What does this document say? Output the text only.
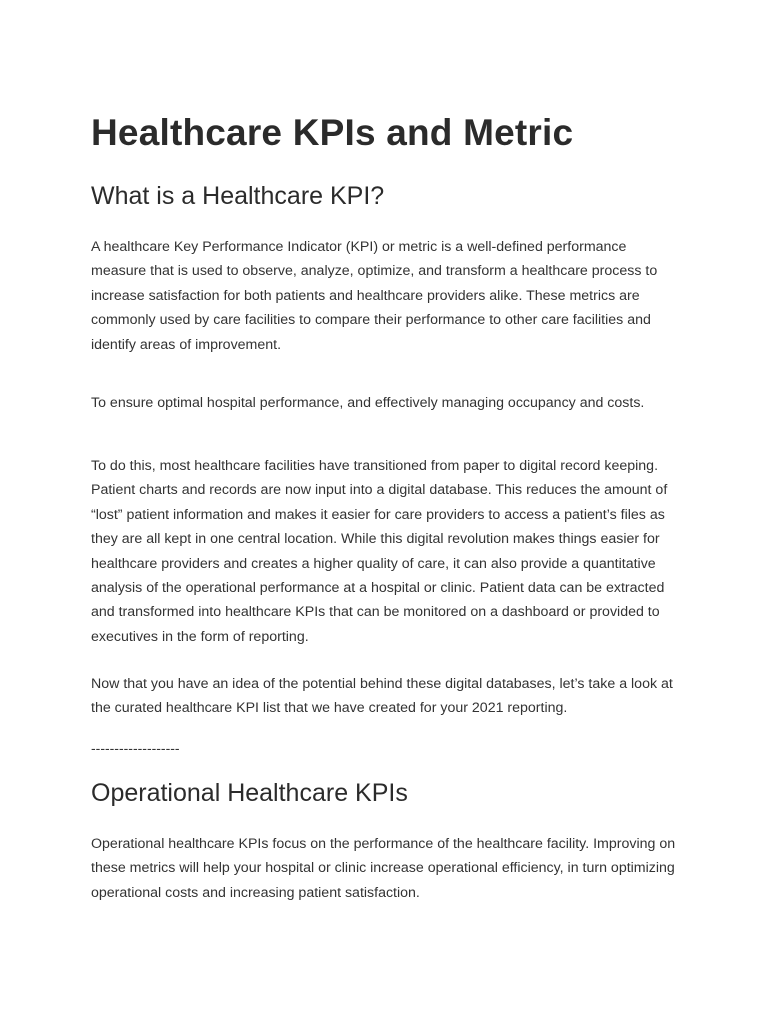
Healthcare KPIs and Metric
What is a Healthcare KPI?

A healthcare Key Performance Indicator (KPI) or metric is a well-defined performance measure that is used to observe, analyze, optimize, and transform a healthcare process to increase satisfaction for both patients and healthcare providers alike. These metrics are commonly used by care facilities to compare their performance to other care facilities and identify areas of improvement.

To ensure optimal hospital performance, and effectively managing occupancy and costs.

To do this, most healthcare facilities have transitioned from paper to digital record keeping. Patient charts and records are now input into a digital database. This reduces the amount of “lost” patient information and makes it easier for care providers to access a patient’s files as they are all kept in one central location. While this digital revolution makes things easier for healthcare providers and creates a higher quality of care, it can also provide a quantitative analysis of the operational performance at a hospital or clinic. Patient data can be extracted and transformed into healthcare KPIs that can be monitored on a dashboard or provided to executives in the form of reporting.

Now that you have an idea of the potential behind these digital databases, let’s take a look at the curated healthcare KPI list that we have created for your 2021 reporting.

-------------------
Operational Healthcare KPIs

Operational healthcare KPIs focus on the performance of the healthcare facility. Improving on these metrics will help your hospital or clinic increase operational efficiency, in turn optimizing operational costs and increasing patient satisfaction.
